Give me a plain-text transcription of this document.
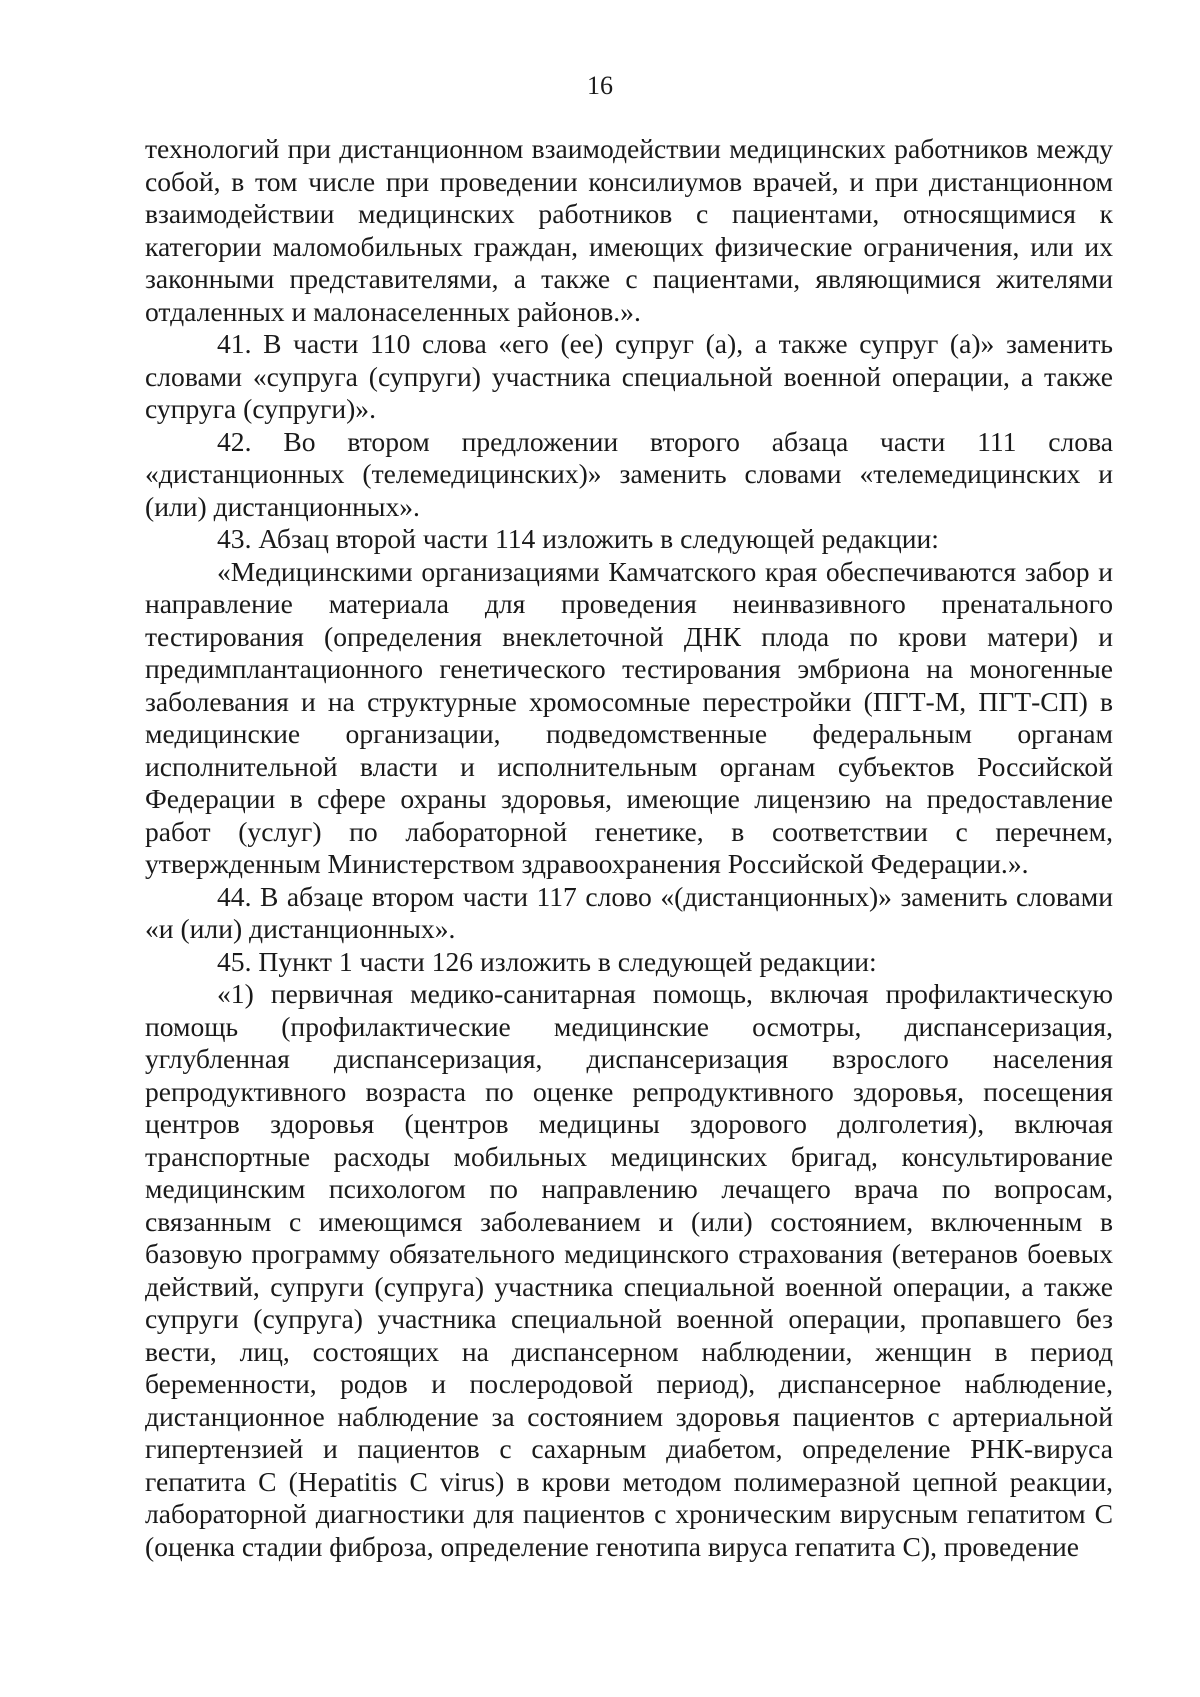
16

технологий при дистанционном взаимодействии медицинских работников между собой, в том числе при проведении консилиумов врачей, и при дистанционном взаимодействии медицинских работников с пациентами, относящимися к категории маломобильных граждан, имеющих физические ограничения, или их законными представителями, а также с пациентами, являющимися жителями отдаленных и малонаселенных районов.».

41. В части 110 слова «его (ее) супруг (а), а также супруг (а)» заменить словами «супруга (супруги) участника специальной военной операции, а также супруга (супруги)».

42. Во втором предложении второго абзаца части 111 слова «дистанционных (телемедицинских)» заменить словами «телемедицинских и (или) дистанционных».

43. Абзац второй части 114 изложить в следующей редакции:

«Медицинскими организациями Камчатского края обеспечиваются забор и направление материала для проведения неинвазивного пренатального тестирования (определения внеклеточной ДНК плода по крови матери) и предимплантационного генетического тестирования эмбриона на моногенные заболевания и на структурные хромосомные перестройки (ПГТ-М, ПГТ-СП) в медицинские организации, подведомственные федеральным органам исполнительной власти и исполнительным органам субъектов Российской Федерации в сфере охраны здоровья, имеющие лицензию на предоставление работ (услуг) по лабораторной генетике, в соответствии с перечнем, утвержденным Министерством здравоохранения Российской Федерации.».

44. В абзаце втором части 117 слово «(дистанционных)» заменить словами «и (или) дистанционных».

45. Пункт 1 части 126 изложить в следующей редакции:

«1) первичная медико-санитарная помощь, включая профилактическую помощь (профилактические медицинские осмотры, диспансеризация, углубленная диспансеризация, диспансеризация взрослого населения репродуктивного возраста по оценке репродуктивного здоровья, посещения центров здоровья (центров медицины здорового долголетия), включая транспортные расходы мобильных медицинских бригад, консультирование медицинским психологом по направлению лечащего врача по вопросам, связанным с имеющимся заболеванием и (или) состоянием, включенным в базовую программу обязательного медицинского страхования (ветеранов боевых действий, супруги (супруга) участника специальной военной операции, а также супруги (супруга) участника специальной военной операции, пропавшего без вести, лиц, состоящих на диспансерном наблюдении, женщин в период беременности, родов и послеродовой период), диспансерное наблюдение, дистанционное наблюдение за состоянием здоровья пациентов с артериальной гипертензией и пациентов с сахарным диабетом, определение РНК-вируса гепатита С (Hepatitis C virus) в крови методом полимеразной цепной реакции, лабораторной диагностики для пациентов с хроническим вирусным гепатитом С (оценка стадии фиброза, определение генотипа вируса гепатита С), проведение
